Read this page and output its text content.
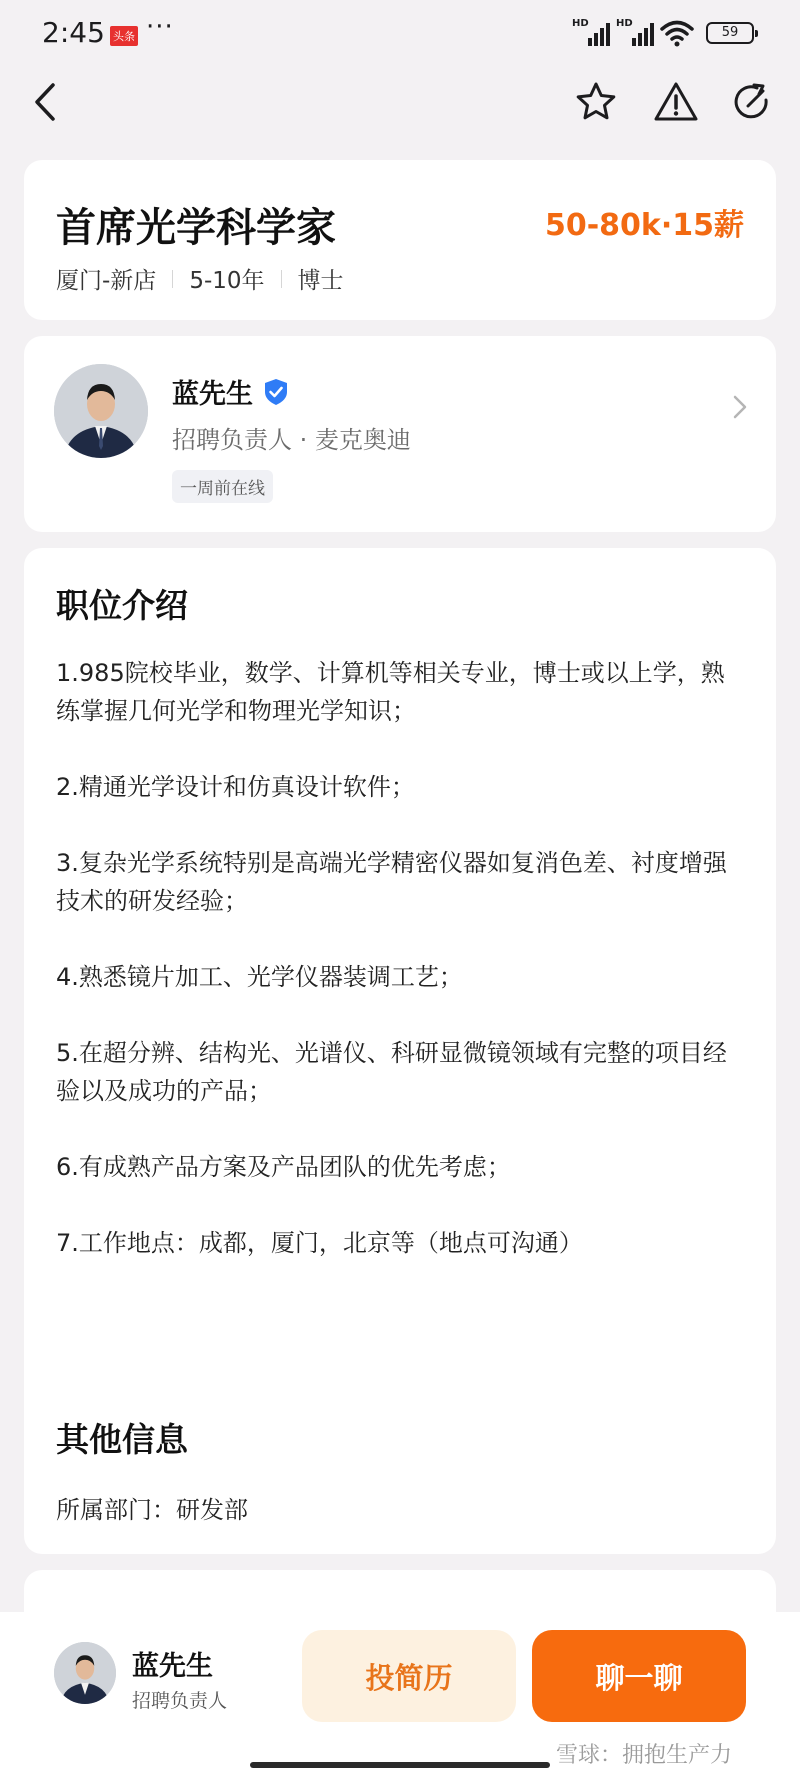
2:45 头条 ···	HD	HD
59
首席光学科学家	50-80k·15薪
厦门-新店 5-10年 博士
蓝先生
招聘负责人 · 麦克奥迪
一周前在线
职位介绍

1.985院校毕业，数学、计算机等相关专业，博士或以上学，熟练掌握几何光学和物理光学知识；

2.精通光学设计和仿真设计软件；

3.复杂光学系统特别是高端光学精密仪器如复消色差、衬度增强技术的研发经验；

4.熟悉镜片加工、光学仪器装调工艺；

5.在超分辨、结构光、光谱仪、科研显微镜领域有完整的项目经验以及成功的产品；

6.有成熟产品方案及产品团队的优先考虑；

7.工作地点：成都，厦门，北京等（地点可沟通）

其他信息
所属部门：研发部
蓝先生
招聘负责人
投简历	聊一聊
雪球：拥抱生产力
